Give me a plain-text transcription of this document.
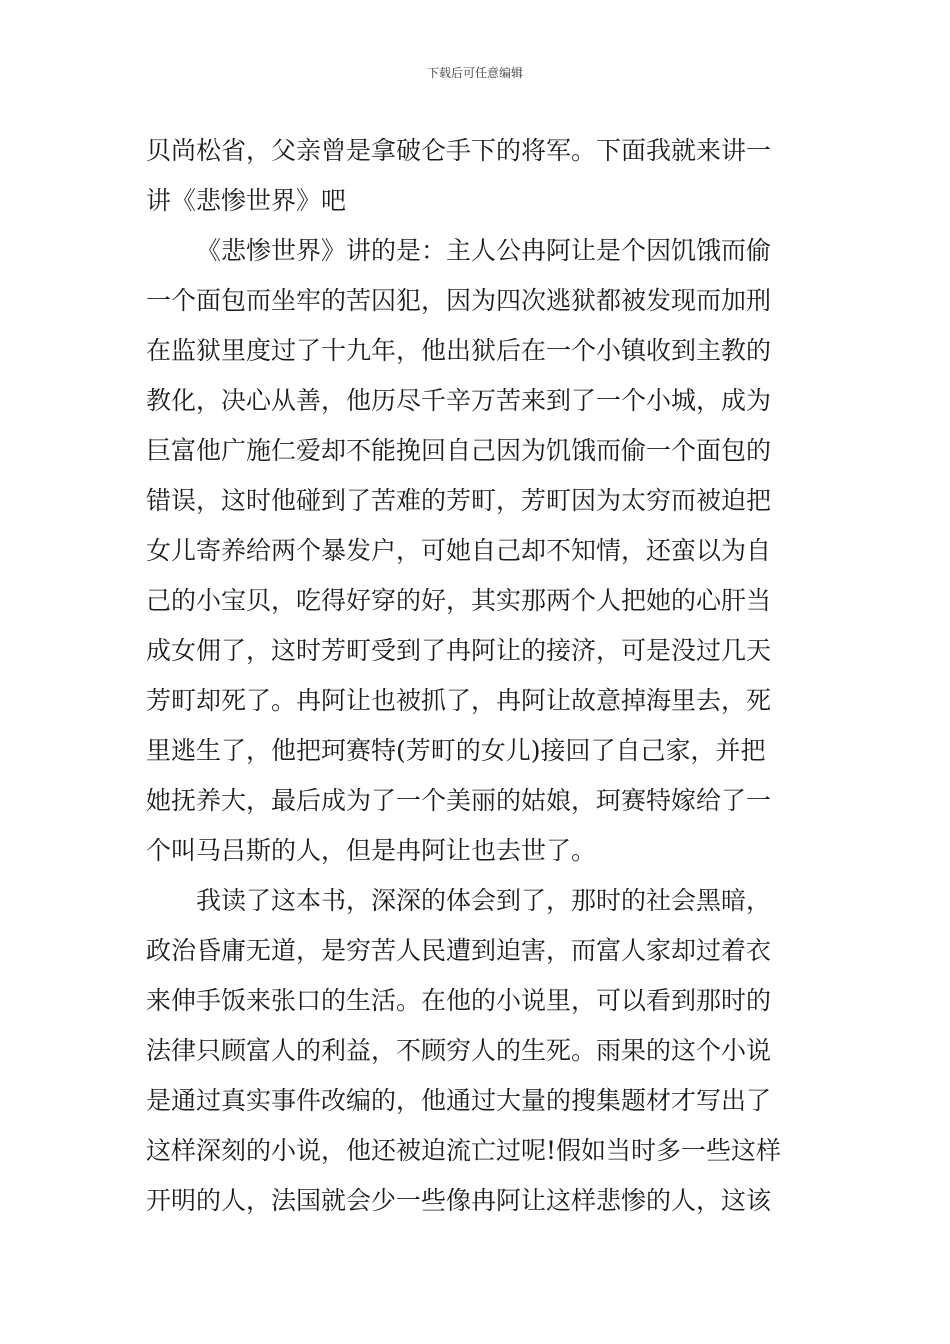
下载后可任意编辑
贝尚松省，父亲曾是拿破仑手下的将军。下面我就来讲一
讲《悲惨世界》吧
《悲惨世界》讲的是：主人公冉阿让是个因饥饿而偷
一个面包而坐牢的苦囚犯，因为四次逃狱都被发现而加刑
在监狱里度过了十九年，他出狱后在一个小镇收到主教的
教化，决心从善，他历尽千辛万苦来到了一个小城，成为
巨富他广施仁爱却不能挽回自己因为饥饿而偷一个面包的
错误，这时他碰到了苦难的芳町，芳町因为太穷而被迫把
女儿寄养给两个暴发户，可她自己却不知情，还蛮以为自
己的小宝贝，吃得好穿的好，其实那两个人把她的心肝当
成女佣了，这时芳町受到了冉阿让的接济，可是没过几天
芳町却死了。冉阿让也被抓了，冉阿让故意掉海里去，死
里逃生了，他把珂赛特(芳町的女儿)接回了自己家，并把
她抚养大，最后成为了一个美丽的姑娘，珂赛特嫁给了一
个叫马吕斯的人，但是冉阿让也去世了。
我读了这本书，深深的体会到了，那时的社会黑暗，
政治昏庸无道，是穷苦人民遭到迫害，而富人家却过着衣
来伸手饭来张口的生活。在他的小说里，可以看到那时的
法律只顾富人的利益，不顾穷人的生死。雨果的这个小说
是通过真实事件改编的，他通过大量的搜集题材才写出了
这样深刻的小说，他还被迫流亡过呢!假如当时多一些这样
开明的人，法国就会少一些像冉阿让这样悲惨的人，这该
